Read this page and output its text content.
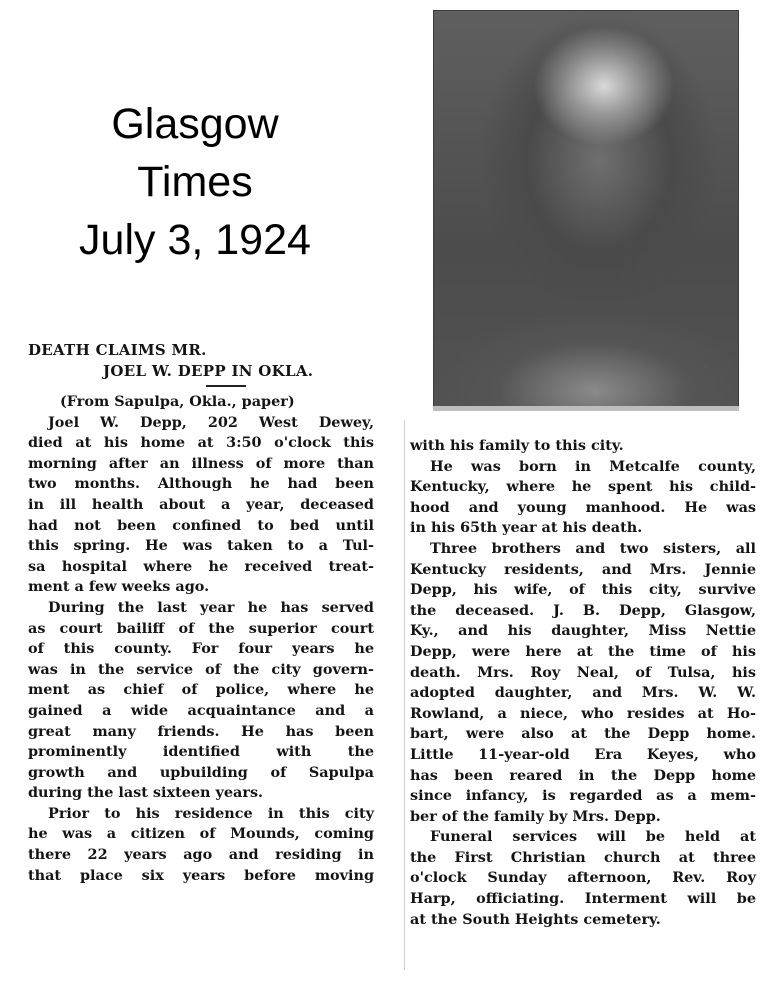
Glasgow
Times
July 3, 1924
DEATH CLAIMS MR.
JOEL W. DEPP IN OKLA.
(From Sapulpa, Okla., paper)
Joel W. Depp, 202 West Dewey,
died at his home at 3:50 o'clock this
morning after an illness of more than
two months. Although he had been
in ill health about a year, deceased
had not been confined to bed until
this spring. He was taken to a Tul-
sa hospital where he received treat-
ment a few weeks ago.
During the last year he has served
as court bailiff of the superior court
of this county. For four years he
was in the service of the city govern-
ment as chief of police, where he
gained a wide acquaintance and a
great many friends. He has been
prominently identified with the
growth and upbuilding of Sapulpa
during the last sixteen years.
Prior to his residence in this city
he was a citizen of Mounds, coming
there 22 years ago and residing in
that place six years before moving
with his family to this city.
He was born in Metcalfe county,
Kentucky, where he spent his child-
hood and young manhood. He was
in his 65th year at his death.
Three brothers and two sisters, all
Kentucky residents, and Mrs. Jennie
Depp, his wife, of this city, survive
the deceased. J. B. Depp, Glasgow,
Ky., and his daughter, Miss Nettie
Depp, were here at the time of his
death. Mrs. Roy Neal, of Tulsa, his
adopted daughter, and Mrs. W. W.
Rowland, a niece, who resides at Ho-
bart, were also at the Depp home.
Little 11-year-old Era Keyes, who
has been reared in the Depp home
since infancy, is regarded as a mem-
ber of the family by Mrs. Depp.
Funeral services will be held at
the First Christian church at three
o'clock Sunday afternoon, Rev. Roy
Harp, officiating. Interment will be
at the South Heights cemetery.
